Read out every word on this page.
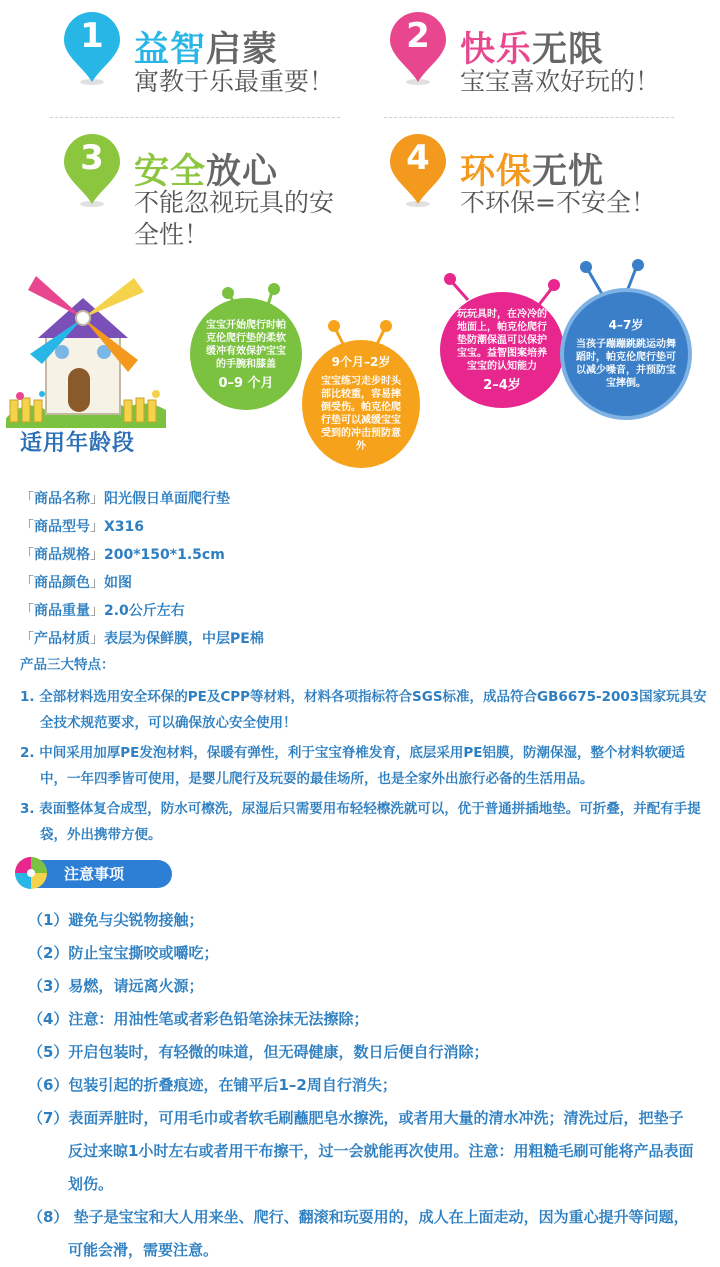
1 益智启蒙
寓教于乐最重要！
2 快乐无限
宝宝喜欢好玩的！
3 安全放心
不能忽视玩具的安全性！
4 环保无忧
不环保=不安全！
适用年龄段
宝宝开始爬行时帕克伦爬行垫的柔软缓冲有效保护宝宝的手腕和膝盖
0–9 个月
9个月–2岁
宝宝练习走步时头部比较重，容易摔倒受伤。帕克伦爬行垫可以减缓宝宝受到的冲击预防意外
玩玩具时，在冷冷的地面上，帕克伦爬行垫防潮保温可以保护宝宝。益智图案培养宝宝的认知能力
2–4岁
4–7岁
当孩子蹦蹦跳跳运动舞蹈时，帕克伦爬行垫可以减少噪音，并预防宝宝摔倒。
「商品名称」阳光假日单面爬行垫
「商品型号」X316
「商品规格」200*150*1.5cm
「商品颜色」如图
「商品重量」2.0公斤左右
「产品材质」表层为保鲜膜，中层PE棉
产品三大特点：
1. 全部材料选用安全环保的PE及CPP等材料，材料各项指标符合SGS标准，成品符合GB6675-2003国家玩具安全技术规范要求，可以确保放心安全使用！
2. 中间采用加厚PE发泡材料，保暖有弹性，利于宝宝脊椎发育，底层采用PE铝膜，防潮保湿，整个材料软硬适中，一年四季皆可使用，是婴儿爬行及玩耍的最佳场所，也是全家外出旅行必备的生活用品。
3. 表面整体复合成型，防水可檫洗，尿湿后只需要用布轻轻檫洗就可以，优于普通拼插地垫。可折叠，并配有手提袋，外出携带方便。
注意事项
（1）避免与尖锐物接触；
（2）防止宝宝撕咬或嚼吃；
（3）易燃，请远离火源；
（4）注意：用油性笔或者彩色铅笔涂抹无法擦除；
（5）开启包装时，有轻微的味道，但无碍健康，数日后便自行消除；
（6）包装引起的折叠痕迹，在铺平后1–2周自行消失；
（7）表面弄脏时，可用毛巾或者软毛刷蘸肥皂水擦洗，或者用大量的清水冲洗；清洗过后，把垫子反过来晾1小时左右或者用干布擦干，过一会就能再次使用。注意：用粗糙毛刷可能将产品表面划伤。
（8） 垫子是宝宝和大人用来坐、爬行、翻滚和玩耍用的，成人在上面走动，因为重心提升等问题，可能会滑，需要注意。
